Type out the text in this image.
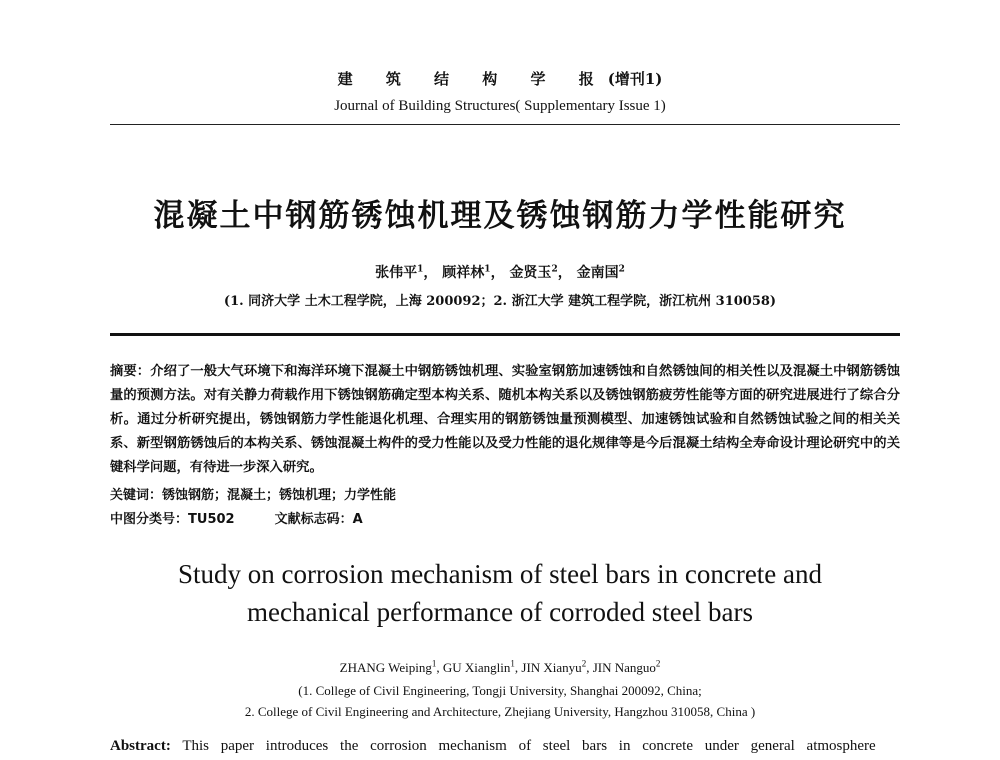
建 筑 结 构 学 报(增刊1)
Journal of Building Structures( Supplementary Issue 1)
混凝土中钢筋锈蚀机理及锈蚀钢筋力学性能研究
张伟平$^1$， 顾祥林$^1$， 金贤玉$^2$， 金南国$^2$
(1. 同济大学 土木工程学院，上海 200092；2. 浙江大学 建筑工程学院，浙江杭州 310058)
摘要：介绍了一般大气环境下和海洋环境下混凝土中钢筋锈蚀机理、实验室钢筋加速锈蚀和自然锈蚀间的相关性以及混凝土中钢筋锈蚀量的预测方法。对有关静力荷载作用下锈蚀钢筋确定型本构关系、随机本构关系以及锈蚀钢筋疲劳性能等方面的研究进展进行了综合分析。通过分析研究提出，锈蚀钢筋力学性能退化机理、合理实用的钢筋锈蚀量预测模型、加速锈蚀试验和自然锈蚀试验之间的相关关系、新型钢筋锈蚀后的本构关系、锈蚀混凝土构件的受力性能以及受力性能的退化规律等是今后混凝土结构全寿命设计理论研究中的关键科学问题，有待进一步深入研究。
关键词：锈蚀钢筋；混凝土；锈蚀机理；力学性能
中图分类号：TU502	文献标志码：A
Study on corrosion mechanism of steel bars in concrete and
mechanical performance of corroded steel bars
ZHANG Weiping$^1$, GU Xianglin$^1$, JIN Xianyu$^2$, JIN Nanguo$^2$
(1. College of Civil Engineering, Tongji University, Shanghai 200092, China;
2. College of Civil Engineering and Architecture, Zhejiang University, Hangzhou 310058, China )
Abstract: This paper introduces the corrosion mechanism of steel bars in concrete under general atmosphere
